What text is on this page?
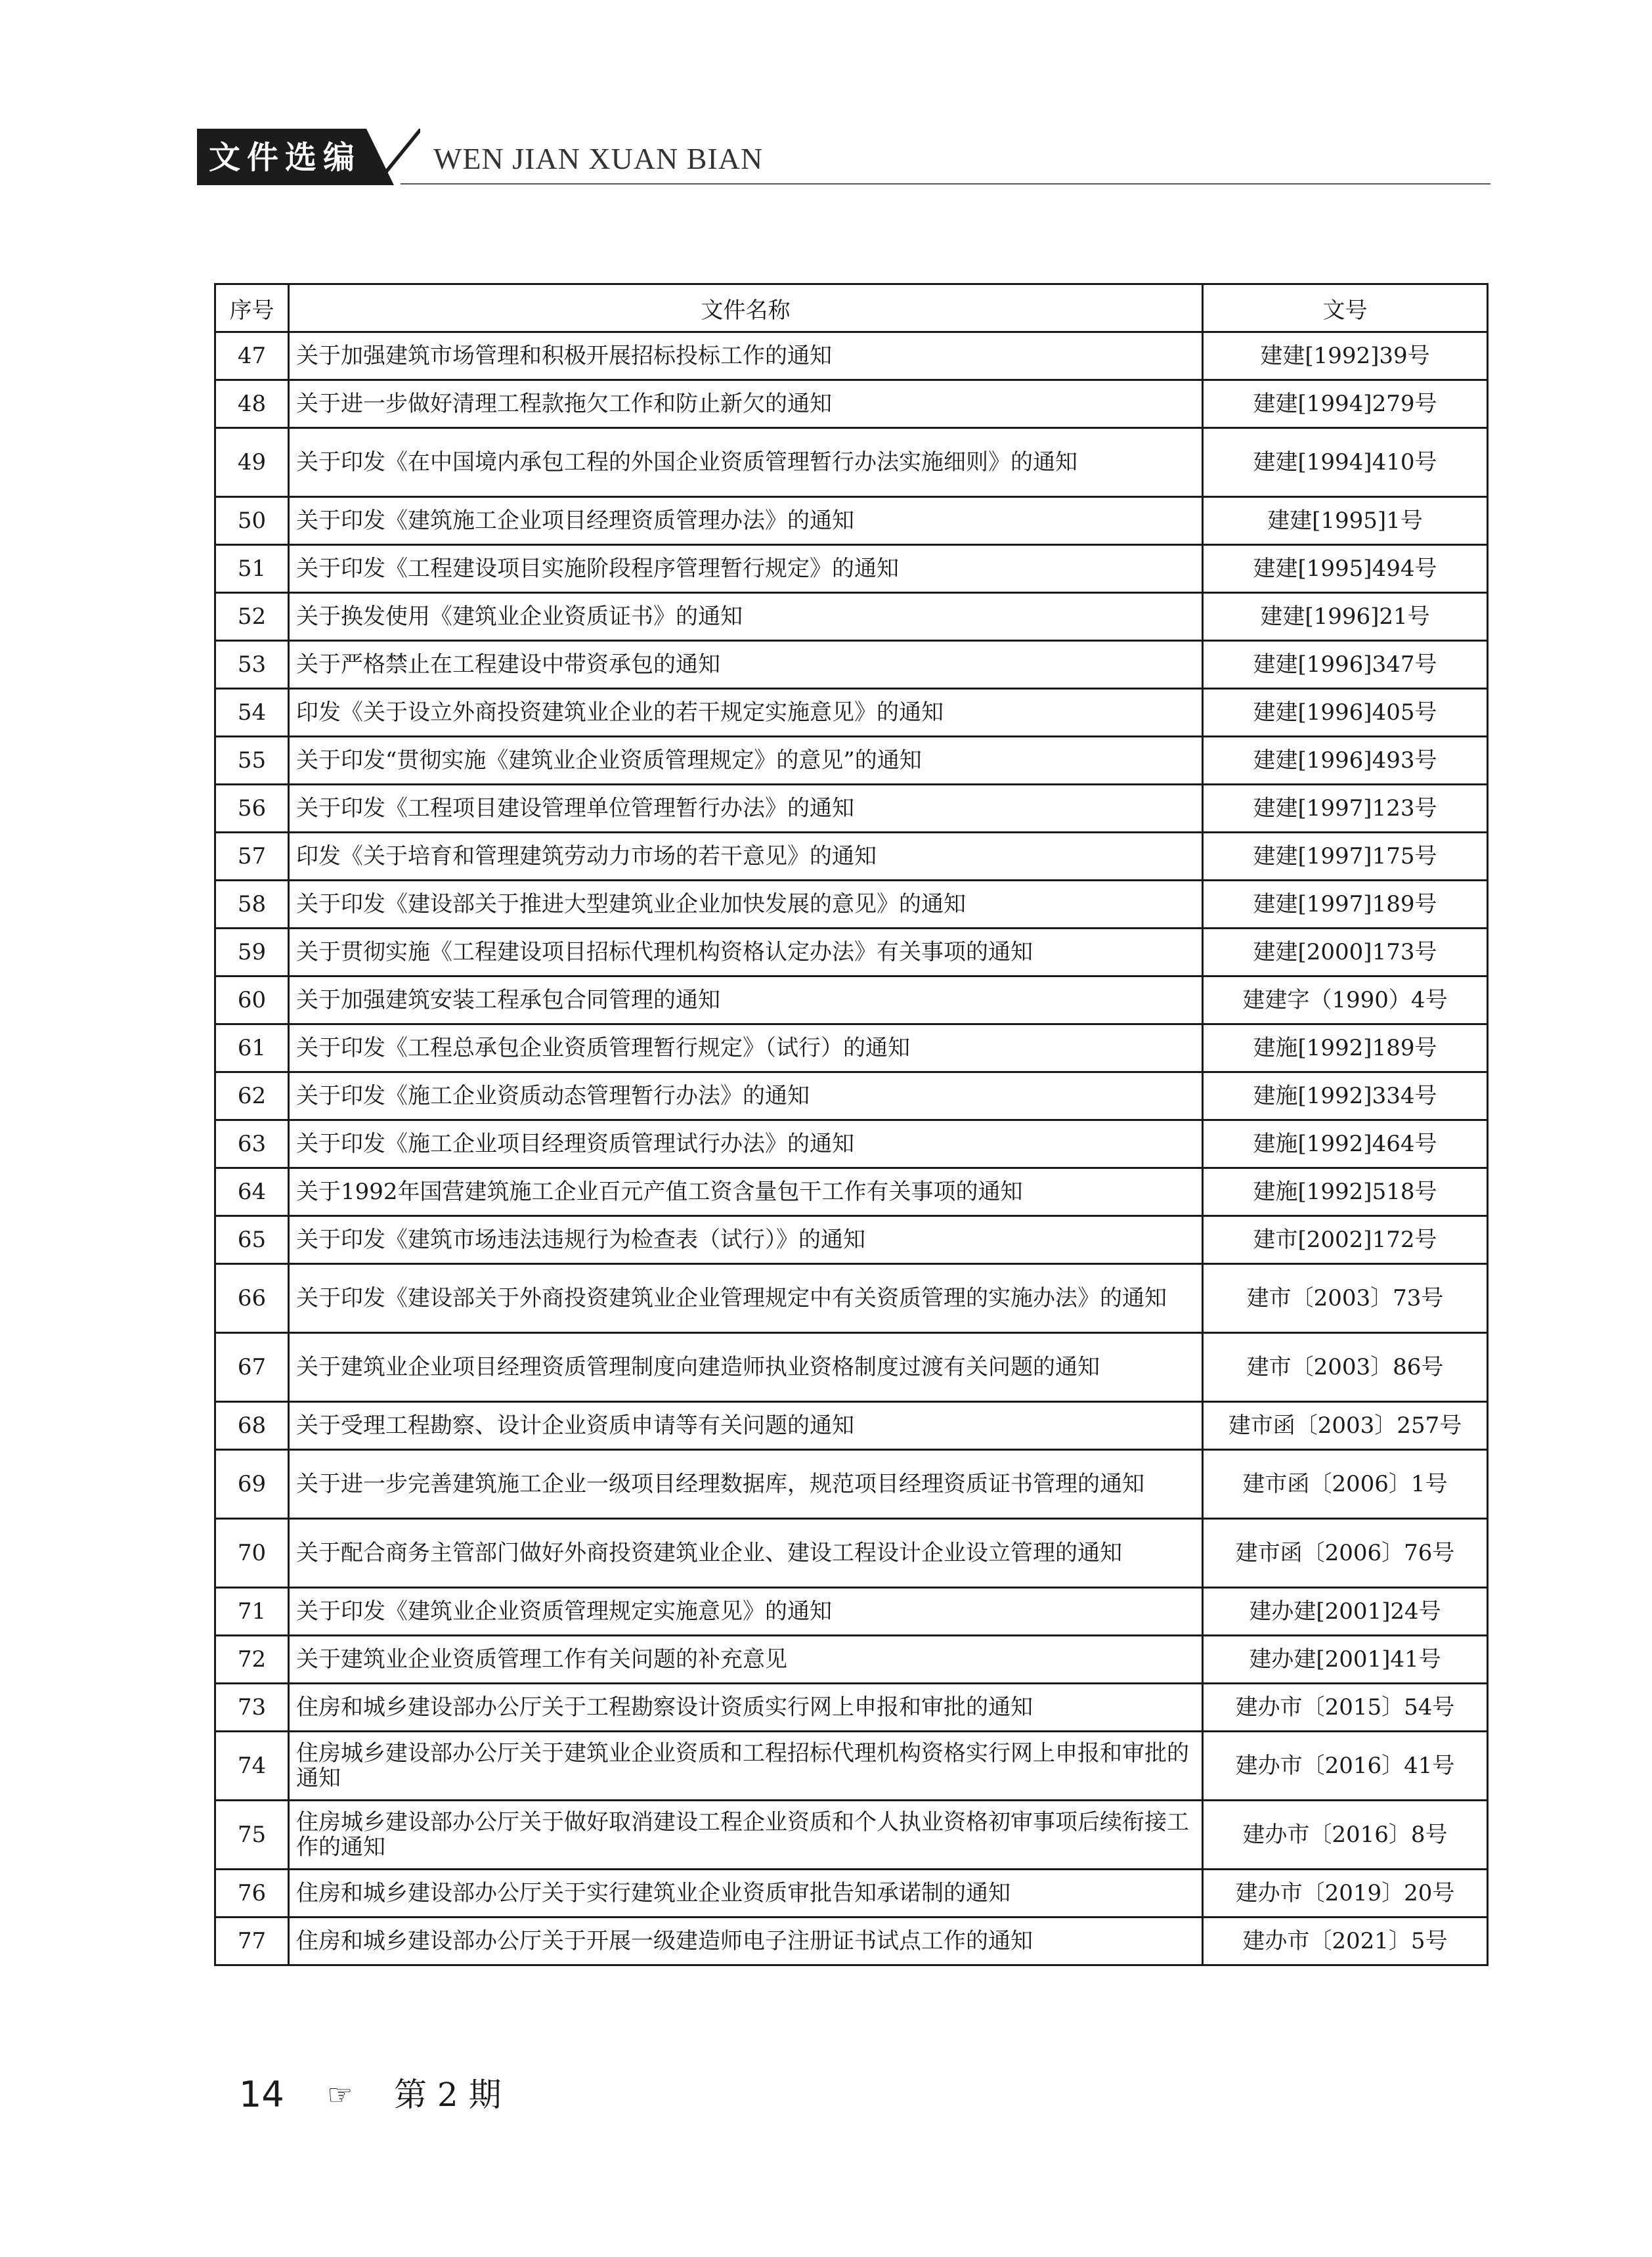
文件选编 WEN JIAN XUAN BIAN
序号	文件名称	文号
47	关于加强建筑市场管理和积极开展招标投标工作的通知	建建[1992]39号
48	关于进一步做好清理工程款拖欠工作和防止新欠的通知	建建[1994]279号
49	关于印发《在中国境内承包工程的外国企业资质管理暂行办法实施细则》的通知	建建[1994]410号
50	关于印发《建筑施工企业项目经理资质管理办法》的通知	建建[1995]1号
51	关于印发《工程建设项目实施阶段程序管理暂行规定》的通知	建建[1995]494号
52	关于换发使用《建筑业企业资质证书》的通知	建建[1996]21号
53	关于严格禁止在工程建设中带资承包的通知	建建[1996]347号
54	印发《关于设立外商投资建筑业企业的若干规定实施意见》的通知	建建[1996]405号
55	关于印发“贯彻实施《建筑业企业资质管理规定》的意见”的通知	建建[1996]493号
56	关于印发《工程项目建设管理单位管理暂行办法》的通知	建建[1997]123号
57	印发《关于培育和管理建筑劳动力市场的若干意见》的通知	建建[1997]175号
58	关于印发《建设部关于推进大型建筑业企业加快发展的意见》的通知	建建[1997]189号
59	关于贯彻实施《工程建设项目招标代理机构资格认定办法》有关事项的通知	建建[2000]173号
60	关于加强建筑安装工程承包合同管理的通知	建建字（1990）4号
61	关于印发《工程总承包企业资质管理暂行规定》（试行）的通知	建施[1992]189号
62	关于印发《施工企业资质动态管理暂行办法》的通知	建施[1992]334号
63	关于印发《施工企业项目经理资质管理试行办法》的通知	建施[1992]464号
64	关于1992年国营建筑施工企业百元产值工资含量包干工作有关事项的通知	建施[1992]518号
65	关于印发《建筑市场违法违规行为检查表（试行）》的通知	建市[2002]172号
66	关于印发《建设部关于外商投资建筑业企业管理规定中有关资质管理的实施办法》的通知	建市〔2003〕73号
67	关于建筑业企业项目经理资质管理制度向建造师执业资格制度过渡有关问题的通知	建市〔2003〕86号
68	关于受理工程勘察、设计企业资质申请等有关问题的通知	建市函〔2003〕257号
69	关于进一步完善建筑施工企业一级项目经理数据库，规范项目经理资质证书管理的通知	建市函〔2006〕1号
70	关于配合商务主管部门做好外商投资建筑业企业、建设工程设计企业设立管理的通知	建市函〔2006〕76号
71	关于印发《建筑业企业资质管理规定实施意见》的通知	建办建[2001]24号
72	关于建筑业企业资质管理工作有关问题的补充意见	建办建[2001]41号
73	住房和城乡建设部办公厅关于工程勘察设计资质实行网上申报和审批的通知	建办市〔2015〕54号
74	住房城乡建设部办公厅关于建筑业企业资质和工程招标代理机构资格实行网上申报和审批的通知	建办市〔2016〕41号
75	住房城乡建设部办公厅关于做好取消建设工程企业资质和个人执业资格初审事项后续衔接工作的通知	建办市〔2016〕8号
76	住房和城乡建设部办公厅关于实行建筑业企业资质审批告知承诺制的通知	建办市〔2019〕20号
77	住房和城乡建设部办公厅关于开展一级建造师电子注册证书试点工作的通知	建办市〔2021〕5号
14 ☞ 第 2 期
